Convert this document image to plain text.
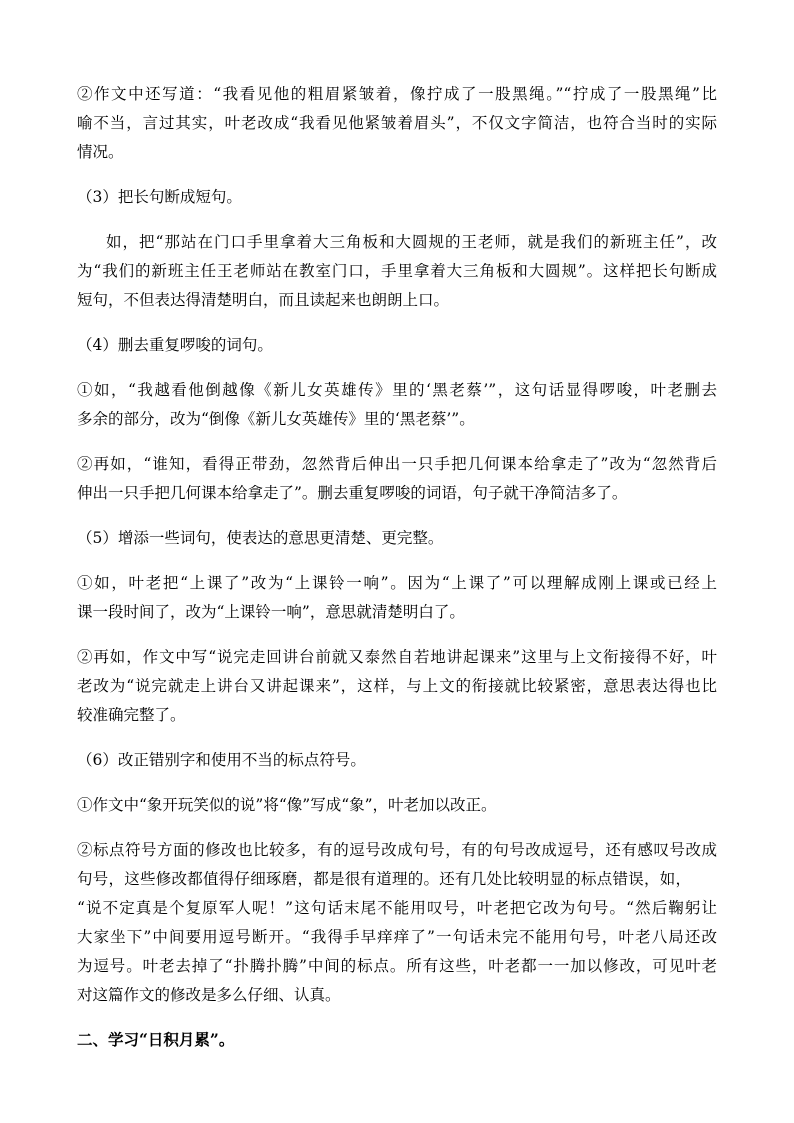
②作文中还写道：“我看见他的粗眉紧皱着，像拧成了一股黑绳。”“拧成了一股黑绳”比
喻不当，言过其实，叶老改成“我看见他紧皱着眉头”，不仅文字简洁，也符合当时的实际
情况。
（3）把长句断成短句。
如，把“那站在门口手里拿着大三角板和大圆规的王老师，就是我们的新班主任”，改
为“我们的新班主任王老师站在教室门口，手里拿着大三角板和大圆规”。这样把长句断成
短句，不但表达得清楚明白，而且读起来也朗朗上口。
（4）删去重复啰唆的词句。
①如，“我越看他倒越像《新儿女英雄传》里的‘黑老蔡’”，这句话显得啰唆，叶老删去
多余的部分，改为“倒像《新儿女英雄传》里的‘黑老蔡’”。
②再如，“谁知，看得正带劲，忽然背后伸出一只手把几何课本给拿走了”改为“忽然背后
伸出一只手把几何课本给拿走了”。删去重复啰唆的词语，句子就干净简洁多了。
（5）增添一些词句，使表达的意思更清楚、更完整。
①如，叶老把“上课了”改为“上课铃一响”。因为“上课了”可以理解成刚上课或已经上
课一段时间了，改为“上课铃一响”，意思就清楚明白了。
②再如，作文中写“说完走回讲台前就又泰然自若地讲起课来”这里与上文衔接得不好，叶
老改为“说完就走上讲台又讲起课来”，这样，与上文的衔接就比较紧密，意思表达得也比
较准确完整了。
（6）改正错别字和使用不当的标点符号。
①作文中“象开玩笑似的说”将“像”写成“象”，叶老加以改正。
②标点符号方面的修改也比较多，有的逗号改成句号，有的句号改成逗号，还有感叹号改成
句号，这些修改都值得仔细琢磨，都是很有道理的。还有几处比较明显的标点错误，如，
“说不定真是个复原军人呢！”这句话末尾不能用叹号，叶老把它改为句号。“然后鞠躬让
大家坐下”中间要用逗号断开。“我得手早痒痒了”一句话未完不能用句号，叶老八局还改
为逗号。叶老去掉了“扑腾扑腾”中间的标点。所有这些，叶老都一一加以修改，可见叶老
对这篇作文的修改是多么仔细、认真。
二、学习“日积月累”。
